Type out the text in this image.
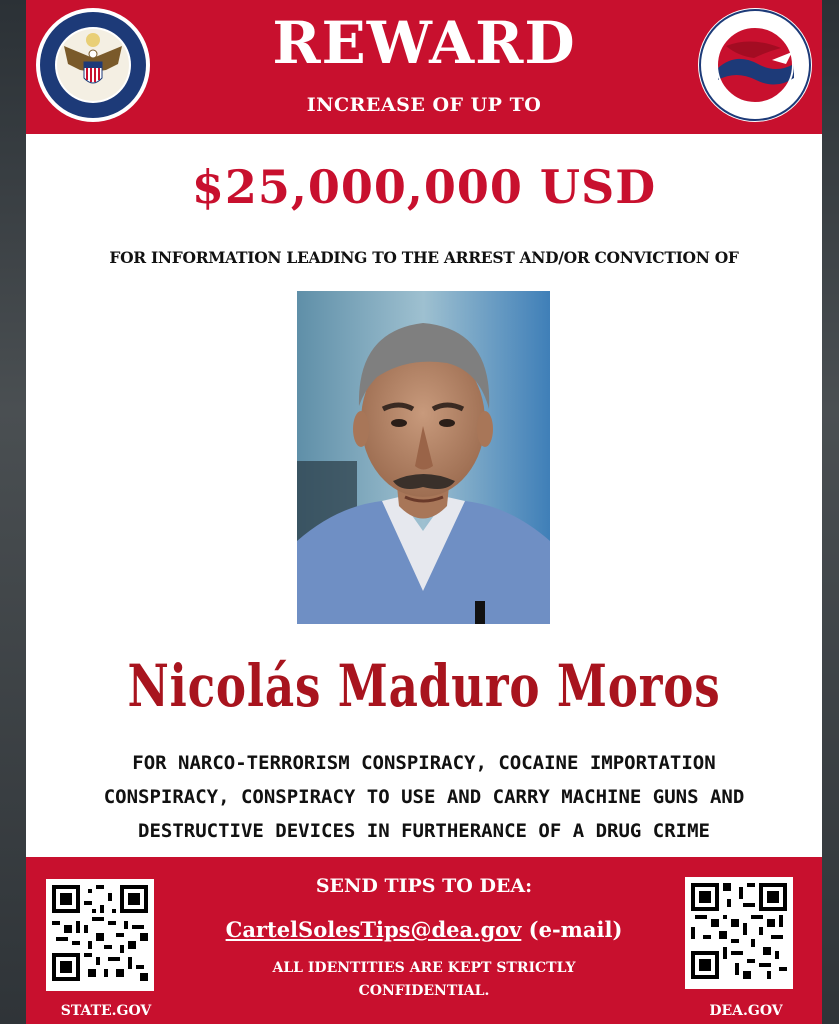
REWARD
INCREASE OF UP TO
$25,000,000 USD
FOR INFORMATION LEADING TO THE ARREST AND/OR CONVICTION OF
Nicolás Maduro Moros
FOR NARCO-TERRORISM CONSPIRACY, COCAINE IMPORTATION
CONSPIRACY, CONSPIRACY TO USE AND CARRY MACHINE GUNS AND
DESTRUCTIVE DEVICES IN FURTHERANCE OF A DRUG CRIME
STATE.GOV
SEND TIPS TO DEA:
CartelSolesTips@dea.gov (e-mail)
ALL IDENTITIES ARE KEPT STRICTLY
CONFIDENTIAL.
DEA.GOV
